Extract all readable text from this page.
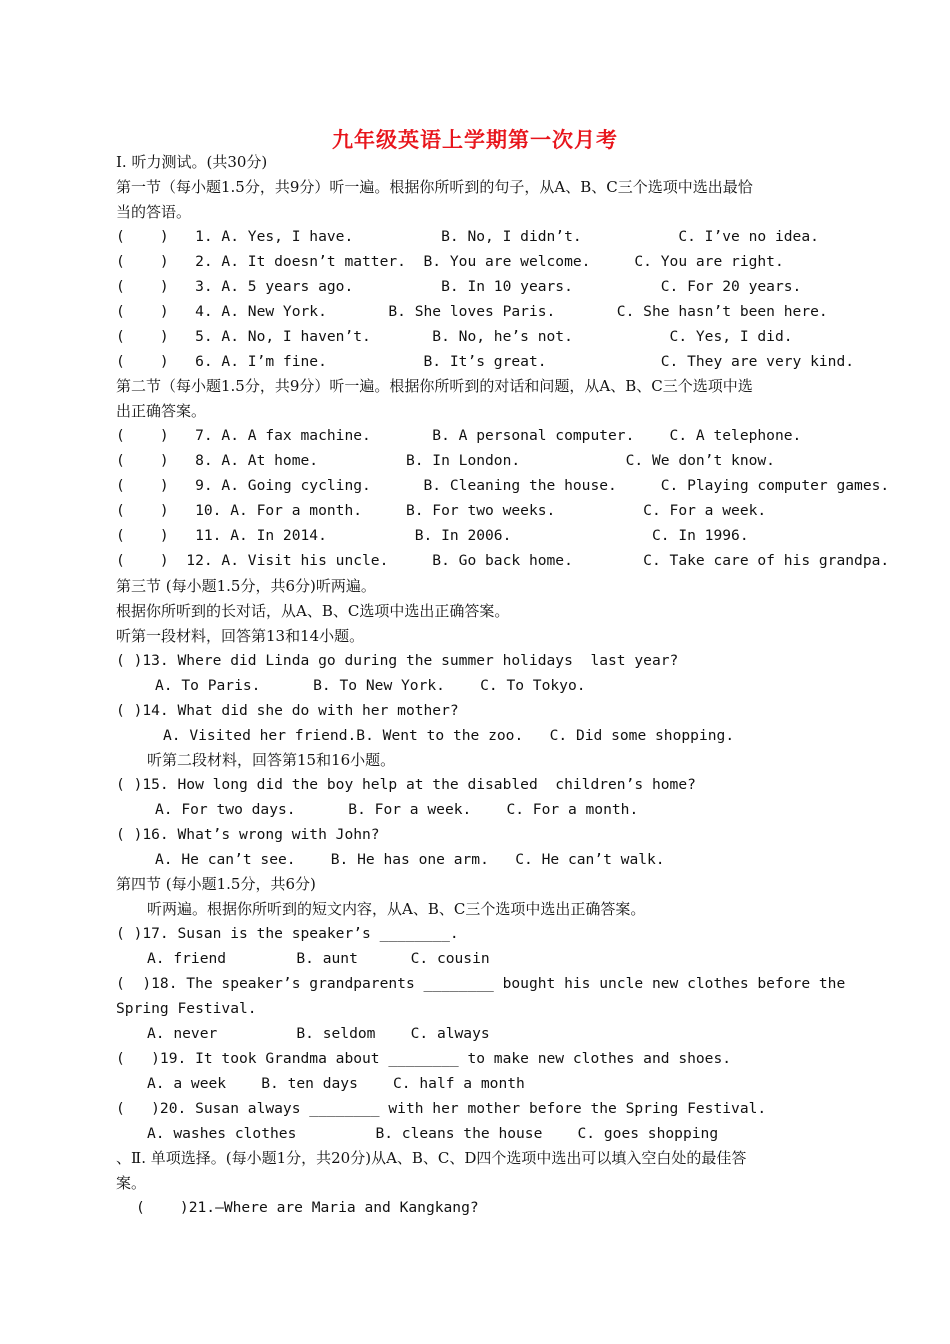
九年级英语上学期第一次月考
Ⅰ. 听力测试。(共30分)
第一节（每小题1.5分，共9分）听一遍。根据你所听到的句子，从A、B、C三个选项中选出最恰
当的答语。
(    )   1. A. Yes, I have.          B. No, I didn’t.           C. I’ve no idea.
(    )   2. A. It doesn’t matter.  B. You are welcome.     C. You are right.
(    )   3. A. 5 years ago.          B. In 10 years.          C. For 20 years.
(    )   4. A. New York.       B. She loves Paris.       C. She hasn’t been here.
(    )   5. A. No, I haven’t.       B. No, he’s not.           C. Yes, I did.
(    )   6. A. I’m fine.           B. It’s great.             C. They are very kind.
第二节（每小题1.5分，共9分）听一遍。根据你所听到的对话和问题，从A、B、C三个选项中选
出正确答案。
(    )   7. A. A fax machine.       B. A personal computer.    C. A telephone.
(    )   8. A. At home.          B. In London.            C. We don’t know.
(    )   9. A. Going cycling.      B. Cleaning the house.     C. Playing computer games.
(    )   10. A. For a month.     B. For two weeks.          C. For a week.
(    )   11. A. In 2014.          B. In 2006.                C. In 1996.
(    )  12. A. Visit his uncle.     B. Go back home.        C. Take care of his grandpa.
第三节 (每小题1.5分，共6分)听两遍。
根据你所听到的长对话，从A、B、C选项中选出正确答案。
听第一段材料，回答第13和14小题。
( )13. Where did Linda go during the summer holidays  last year?
A. To Paris.      B. To New York.    C. To Tokyo.
( )14. What did she do with her mother?
A. Visited her friend.B. Went to the zoo.   C. Did some shopping.
听第二段材料，回答第15和16小题。
( )15. How long did the boy help at the disabled  children’s home?
A. For two days.      B. For a week.    C. For a month.
( )16. What’s wrong with John?
A. He can’t see.    B. He has one arm.   C. He can’t walk.
第四节 (每小题1.5分，共6分)
听两遍。根据你所听到的短文内容，从A、B、C三个选项中选出正确答案。
( )17. Susan is the speaker’s ________.
A. friend        B. aunt      C. cousin
(  )18. The speaker’s grandparents ________ bought his uncle new clothes before the
Spring Festival.
A. never         B. seldom    C. always
(   )19. It took Grandma about ________ to make new clothes and shoes.
A. a week    B. ten days    C. half a month
(   )20. Susan always ________ with her mother before the Spring Festival.
A. washes clothes         B. cleans the house    C. goes shopping
、Ⅱ. 单项选择。(每小题1分，共20分)从A、B、C、D四个选项中选出可以填入空白处的最佳答
案。
(    )21.—Where are Maria and Kangkang?
